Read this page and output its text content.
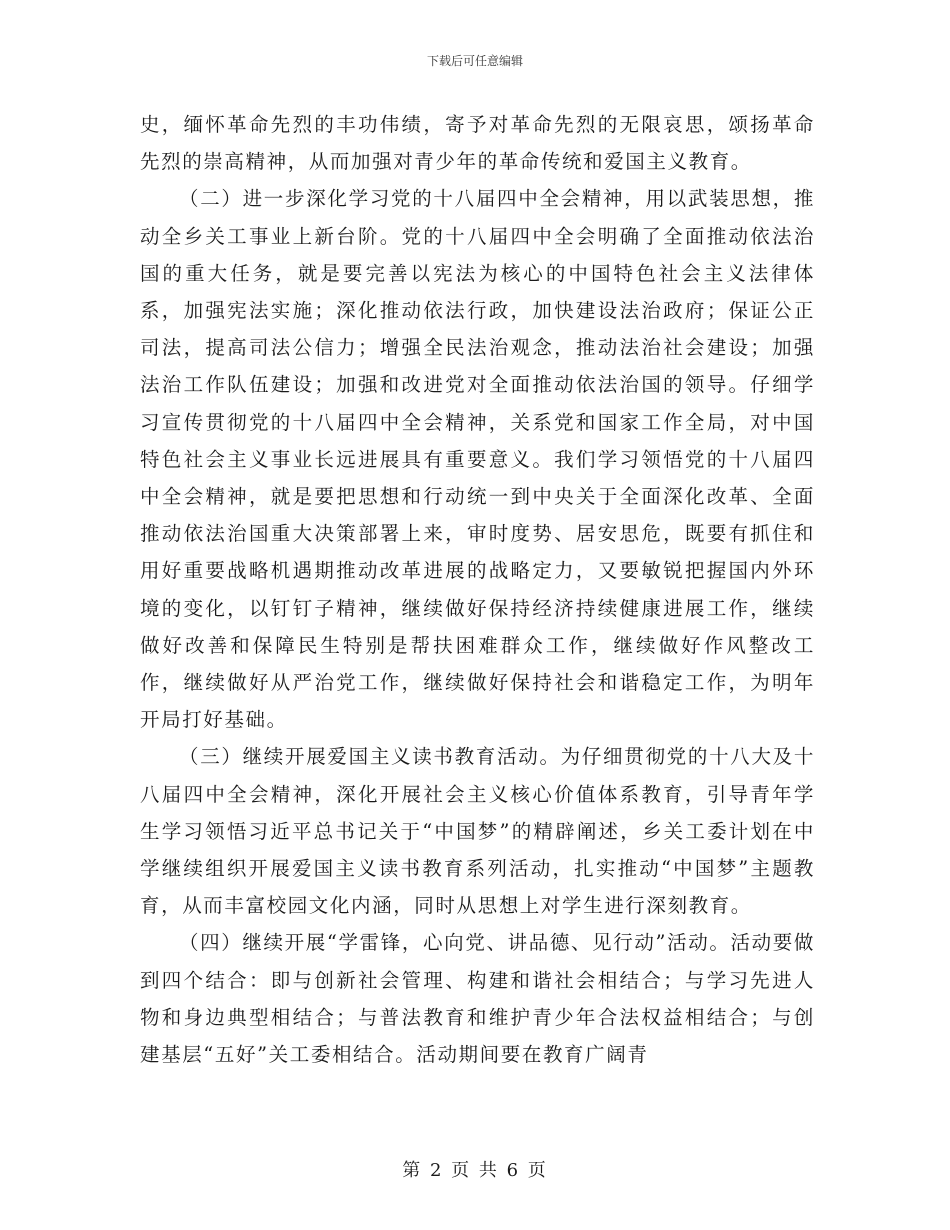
下载后可任意编辑

史，缅怀革命先烈的丰功伟绩，寄予对革命先烈的无限哀思，颂扬革命先烈的崇高精神，从而加强对青少年的革命传统和爱国主义教育。

（二）进一步深化学习党的十八届四中全会精神，用以武装思想，推动全乡关工事业上新台阶。党的十八届四中全会明确了全面推动依法治国的重大任务，就是要完善以宪法为核心的中国特色社会主义法律体系，加强宪法实施；深化推动依法行政，加快建设法治政府；保证公正司法，提高司法公信力；增强全民法治观念，推动法治社会建设；加强法治工作队伍建设；加强和改进党对全面推动依法治国的领导。仔细学习宣传贯彻党的十八届四中全会精神，关系党和国家工作全局，对中国特色社会主义事业长远进展具有重要意义。我们学习领悟党的十八届四中全会精神，就是要把思想和行动统一到中央关于全面深化改革、全面推动依法治国重大决策部署上来，审时度势、居安思危，既要有抓住和用好重要战略机遇期推动改革进展的战略定力，又要敏锐把握国内外环境的变化，以钉钉子精神，继续做好保持经济持续健康进展工作，继续做好改善和保障民生特别是帮扶困难群众工作，继续做好作风整改工作，继续做好从严治党工作，继续做好保持社会和谐稳定工作，为明年开局打好基础。

（三）继续开展爱国主义读书教育活动。为仔细贯彻党的十八大及十八届四中全会精神，深化开展社会主义核心价值体系教育，引导青年学生学习领悟习近平总书记关于“中国梦”的精辟阐述，乡关工委计划在中学继续组织开展爱国主义读书教育系列活动，扎实推动“中国梦”主题教育，从而丰富校园文化内涵，同时从思想上对学生进行深刻教育。

（四）继续开展“学雷锋，心向党、讲品德、见行动”活动。活动要做到四个结合：即与创新社会管理、构建和谐社会相结合；与学习先进人物和身边典型相结合；与普法教育和维护青少年合法权益相结合；与创建基层“五好”关工委相结合。活动期间要在教育广阔青

第 2 页 共 6 页
